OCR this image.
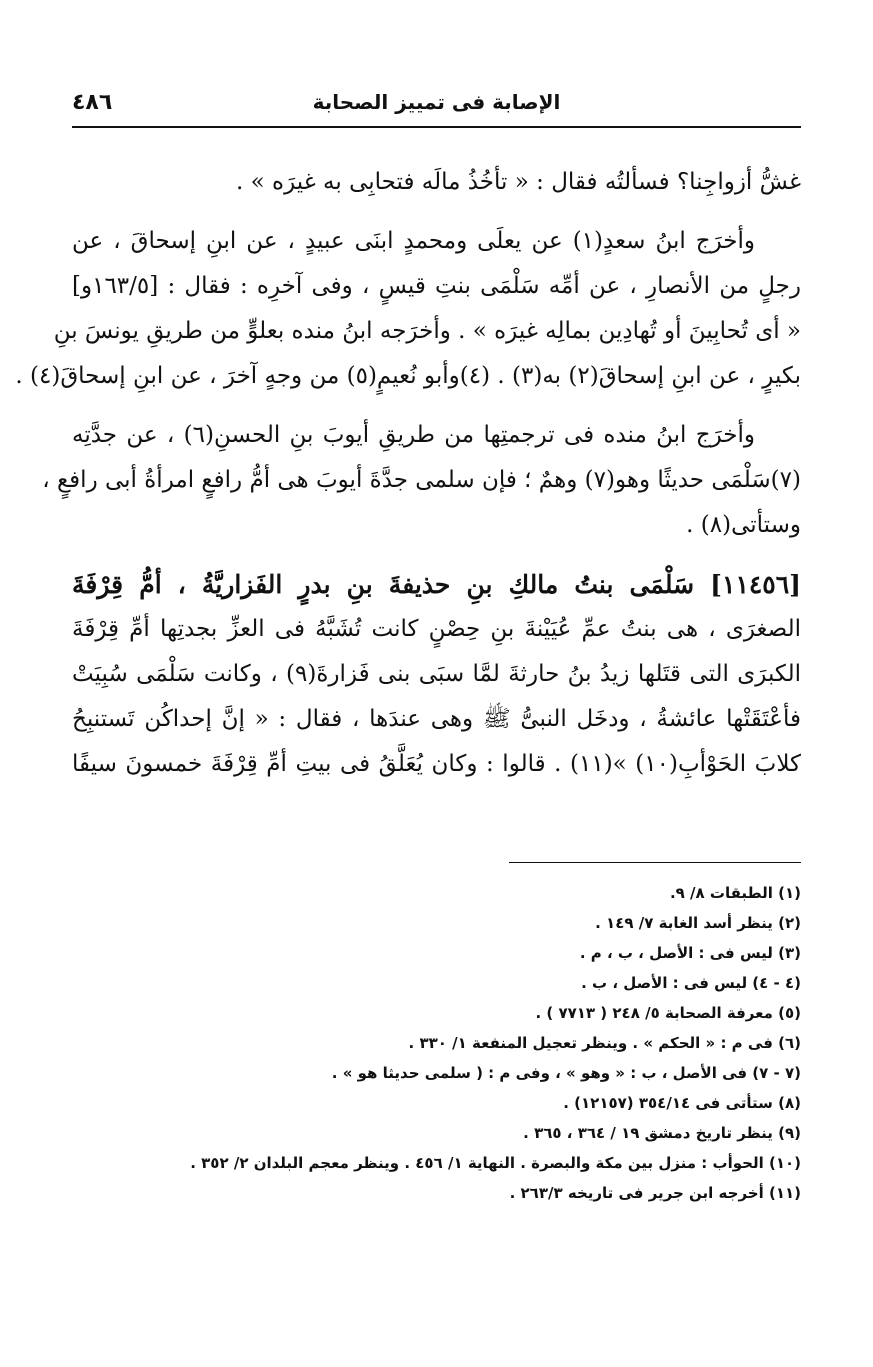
الإصابة فى تمييز الصحابة
٤٨٦
غشُّ أزواجِنا؟ فسألتُه فقال : « تأخُذُ مالَه فتحابِى به غيرَه » .
وأخرَج ابنُ سعدٍ(١) عن يعلَى ومحمدٍ ابنَى عبيدٍ ، عن ابنِ إسحاقَ ، عن
رجلٍ من الأنصارِ ، عن أمِّه سَلْمَى بنتِ قيسٍ ، وفى آخرِه : فقال : [١٦٣/٥و]
« أى تُحابِينَ أو تُهادِين بمالِه غيرَه » . وأخرَجه ابنُ منده بعلوٍّ من طريقِ يونسَ بنِ
بكيرٍ ، عن ابنِ إسحاقَ(٢) به(٣) . (٤)وأبو نُعيمٍ(٥) من وجهٍ آخرَ ، عن ابنِ إسحاقَ(٤) .
وأخرَج ابنُ منده فى ترجمتِها من طريقِ أيوبَ بنِ الحسنِ(٦) ، عن جدَّتِه
(٧)سَلْمَى حديثًا وهو(٧) وهمٌ ؛ فإن سلمى جدَّةَ أيوبَ هى أمُّ رافعٍ امرأةُ أبى رافعٍ ،
وستأتى(٨) .
[١١٤٥٦] سَلْمَى بنتُ مالكِ بنِ حذيفةَ بنِ بدرٍ الفَزاريَّةُ ، أمُّ قِرْفَةَ
الصغرَى ، هى بنتُ عمِّ عُيَيْنةَ بنِ حِصْنٍ كانت تُشَبَّهُ فى العزِّ بجدتِها أمِّ قِرْفَةَ
الكبرَى التى قتَلها زيدُ بنُ حارثةَ لمَّا سبَى بنى فَزارةَ(٩) ، وكانت سَلْمَى سُبِيَتْ
فأعْتَقَتْها عائشةُ ، ودخَل النبىُّ ﷺ وهى عندَها ، فقال : « إنَّ إحداكُن تَستنبِحُ
كلابَ الحَوْأبِ(١٠) »(١١) . قالوا : وكان يُعَلَّقُ فى بيتِ أمِّ قِرْفَةَ خمسونَ سيفًا
(١) الطبقات ٨/ ٩.
(٢) ينظر أسد الغابة ٧/ ١٤٩ .
(٣) ليس فى : الأصل ، ب ، م .
(٤ - ٤) ليس فى : الأصل ، ب .
(٥) معرفة الصحابة ٥/ ٢٤٨ ( ٧٧١٣ ) .
(٦) فى م : « الحكم » . وينظر تعجيل المنفعة ١/ ٣٣٠ .
(٧ - ٧) فى الأصل ، ب : « وهو » ، وفى م : ( سلمى حديثا هو » .
(٨) ستأتى فى ٣٥٤/١٤ (١٢١٥٧) .
(٩) ينظر تاريخ دمشق ١٩ / ٣٦٤ ، ٣٦٥ .
(١٠) الحوأب : منزل بين مكة والبصرة . النهاية ١/ ٤٥٦ . وينظر معجم البلدان ٢/ ٣٥٢ .
(١١) أخرجه ابن جرير فى تاريخه ٢٦٣/٣ .
